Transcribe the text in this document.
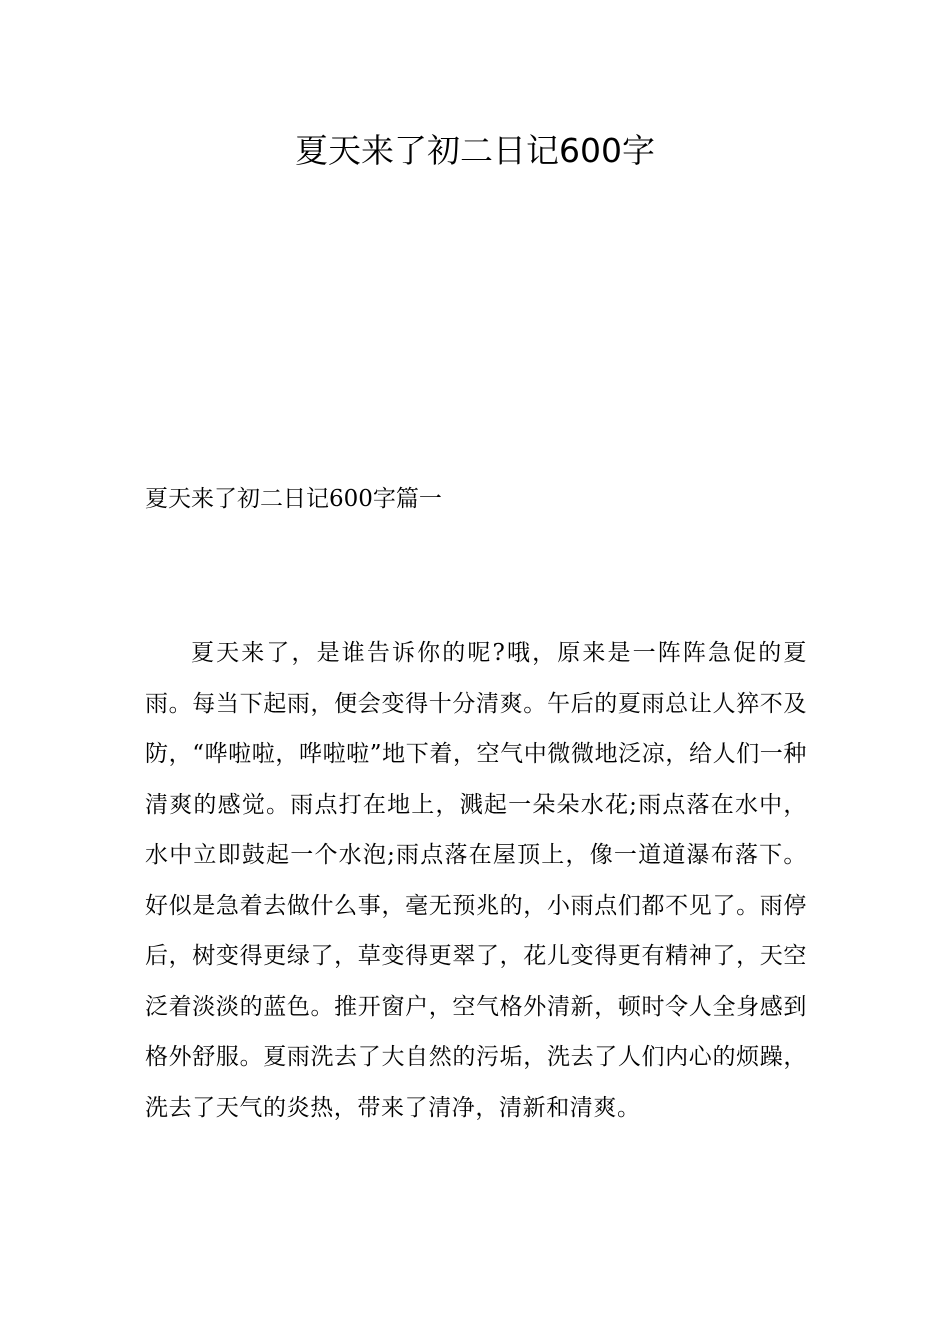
夏天来了初二日记600字
夏天来了初二日记600字篇一

夏天来了，是谁告诉你的呢?哦，原来是一阵阵急促的夏雨。每当下起雨，便会变得十分清爽。午后的夏雨总让人猝不及防，“哗啦啦，哗啦啦”地下着，空气中微微地泛凉，给人们一种清爽的感觉。雨点打在地上，溅起一朵朵水花;雨点落在水中，水中立即鼓起一个水泡;雨点落在屋顶上，像一道道瀑布落下。好似是急着去做什么事，毫无预兆的，小雨点们都不见了。雨停后，树变得更绿了，草变得更翠了，花儿变得更有精神了，天空泛着淡淡的蓝色。推开窗户，空气格外清新，顿时令人全身感到格外舒服。夏雨洗去了大自然的污垢，洗去了人们内心的烦躁，洗去了天气的炎热，带来了清净，清新和清爽。
